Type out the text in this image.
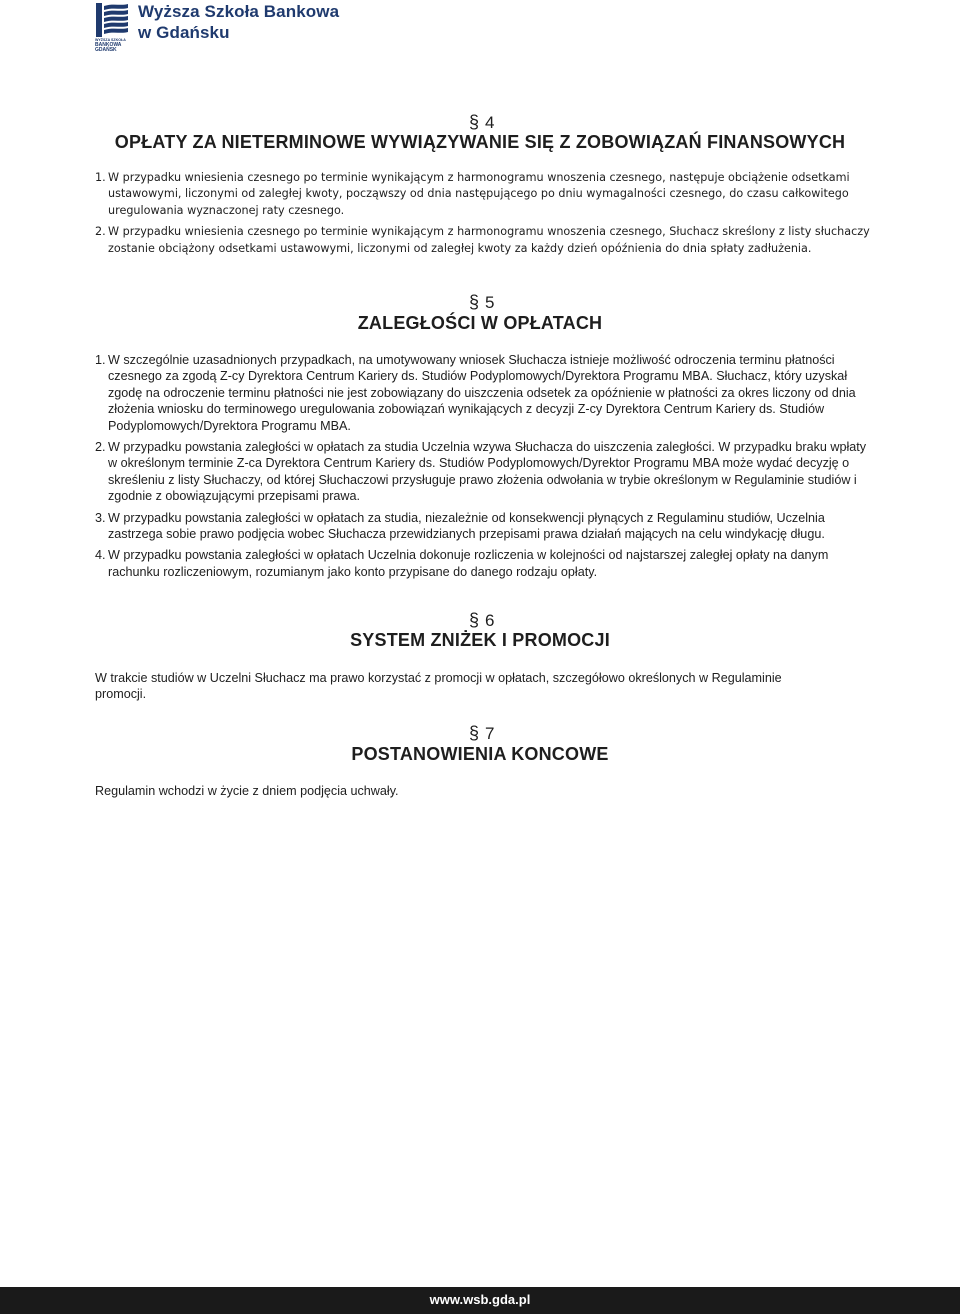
WYŻSZA SZKOŁA
BANKOWA
GDAŃSK
Wyższa Szkoła Bankowa
w Gdańsku
§ 4
OPŁATY ZA NIETERMINOWE WYWIĄZYWANIE SIĘ Z ZOBOWIĄZAŃ FINANSOWYCH
1. W przypadku wniesienia czesnego po terminie wynikającym z harmonogramu wnoszenia czesnego, następuje obciążenie odsetkami ustawowymi, liczonymi od zaległej kwoty, począwszy od dnia następującego po dniu wymagalności czesnego, do czasu całkowitego uregulowania wyznaczonej raty czesnego.
2. W przypadku wniesienia czesnego po terminie wynikającym z harmonogramu wnoszenia czesnego, Słuchacz skreślony z listy słuchaczy zostanie obciążony odsetkami ustawowymi, liczonymi od zaległej kwoty za każdy dzień opóźnienia do dnia spłaty zadłużenia.
§ 5
ZALEGŁOŚCI W OPŁATACH
1. W szczególnie uzasadnionych przypadkach, na umotywowany wniosek Słuchacza istnieje możliwość odroczenia terminu płatności czesnego za zgodą Z-cy Dyrektora Centrum Kariery ds. Studiów Podyplomowych/Dyrektora Programu MBA. Słuchacz, który uzyskał zgodę na odroczenie terminu płatności nie jest zobowiązany do uiszczenia odsetek za opóźnienie w płatności za okres liczony od dnia złożenia wniosku do terminowego uregulowania zobowiązań wynikających z decyzji Z-cy Dyrektora Centrum Kariery ds. Studiów Podyplomowych/Dyrektora Programu MBA.
2. W przypadku powstania zaległości w opłatach za studia Uczelnia wzywa Słuchacza do uiszczenia zaległości. W przypadku braku wpłaty w określonym terminie Z-ca Dyrektora Centrum Kariery ds. Studiów Podyplomowych/Dyrektor Programu MBA może wydać decyzję o skreśleniu z listy Słuchaczy, od której Słuchaczowi przysługuje prawo złożenia odwołania w trybie określonym w Regulaminie studiów i zgodnie z obowiązującymi przepisami prawa.
3. W przypadku powstania zaległości w opłatach za studia, niezależnie od konsekwencji płynących z Regulaminu studiów, Uczelnia zastrzega sobie prawo podjęcia wobec Słuchacza przewidzianych przepisami prawa działań mających na celu windykację długu.
4. W przypadku powstania zaległości w opłatach Uczelnia dokonuje rozliczenia w kolejności od najstarszej zaległej opłaty na danym rachunku rozliczeniowym, rozumianym jako konto przypisane do danego rodzaju opłaty.
§ 6
SYSTEM ZNIŻEK I PROMOCJI
W trakcie studiów w Uczelni Słuchacz ma prawo korzystać z promocji w opłatach, szczegółowo określonych w Regulaminie promocji.
§ 7
POSTANOWIENIA KONCOWE
Regulamin wchodzi w życie z dniem podjęcia uchwały.
www.wsb.gda.pl
